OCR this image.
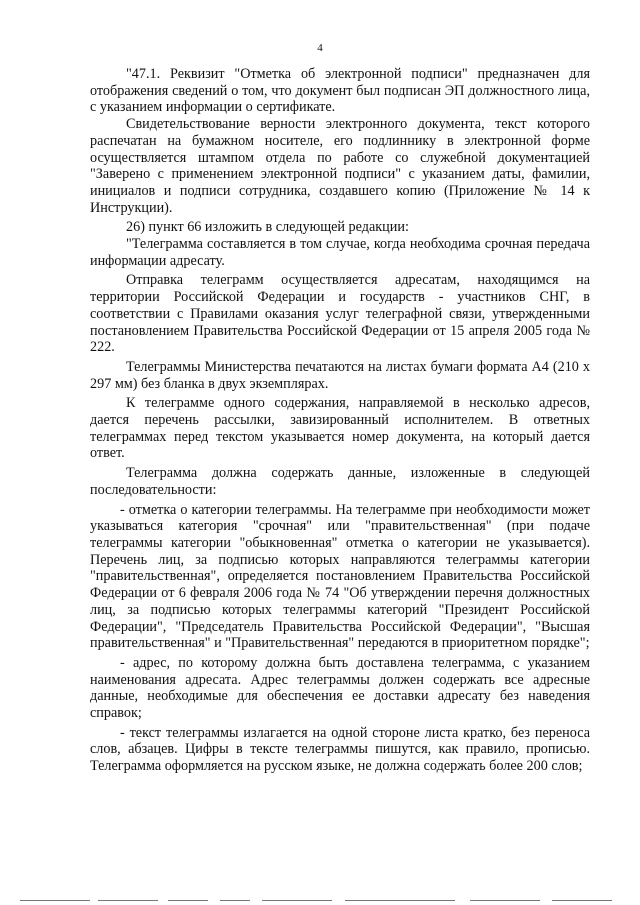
4

"47.1. Реквизит "Отметка об электронной подписи" предназначен для отображения сведений о том, что документ был подписан ЭП должностного лица, с указанием информации о сертификате.

Свидетельствование верности электронного документа, текст которого распечатан на бумажном носителе, его подлиннику в электронной форме осуществляется штампом отдела по работе со служебной документацией "Заверено с применением электронной подписи" с указанием даты, фамилии, инициалов и подписи сотрудника, создавшего копию (Приложение № 14 к Инструкции).

26) пункт 66 изложить в следующей редакции:

"Телеграмма составляется в том случае, когда необходима срочная передача информации адресату.

Отправка телеграмм осуществляется адресатам, находящимся на территории Российской Федерации и государств - участников СНГ, в соответствии с Правилами оказания услуг телеграфной связи, утвержденными постановлением Правительства Российской Федерации от 15 апреля 2005 года № 222.

Телеграммы Министерства печатаются на листах бумаги формата А4 (210 х 297 мм) без бланка в двух экземплярах.

К телеграмме одного содержания, направляемой в несколько адресов, дается перечень рассылки, завизированный исполнителем. В ответных телеграммах перед текстом указывается номер документа, на который дается ответ.

Телеграмма должна содержать данные, изложенные в следующей последовательности:

- отметка о категории телеграммы. На телеграмме при необходимости может указываться категория "срочная" или "правительственная" (при подаче телеграммы категории "обыкновенная" отметка о категории не указывается). Перечень лиц, за подписью которых направляются телеграммы категории "правительственная", определяется постановлением Правительства Российской Федерации от 6 февраля 2006 года № 74 "Об утверждении перечня должностных лиц, за подписью которых телеграммы категорий "Президент Российской Федерации", "Председатель Правительства Российской Федерации", "Высшая правительственная" и "Правительственная" передаются в приоритетном порядке";

- адрес, по которому должна быть доставлена телеграмма, с указанием наименования адресата. Адрес телеграммы должен содержать все адресные данные, необходимые для обеспечения ее доставки адресату без наведения справок;

- текст телеграммы излагается на одной стороне листа кратко, без переноса слов, абзацев. Цифры в тексте телеграммы пишутся, как правило, прописью. Телеграмма оформляется на русском языке, не должна содержать более 200 слов;
